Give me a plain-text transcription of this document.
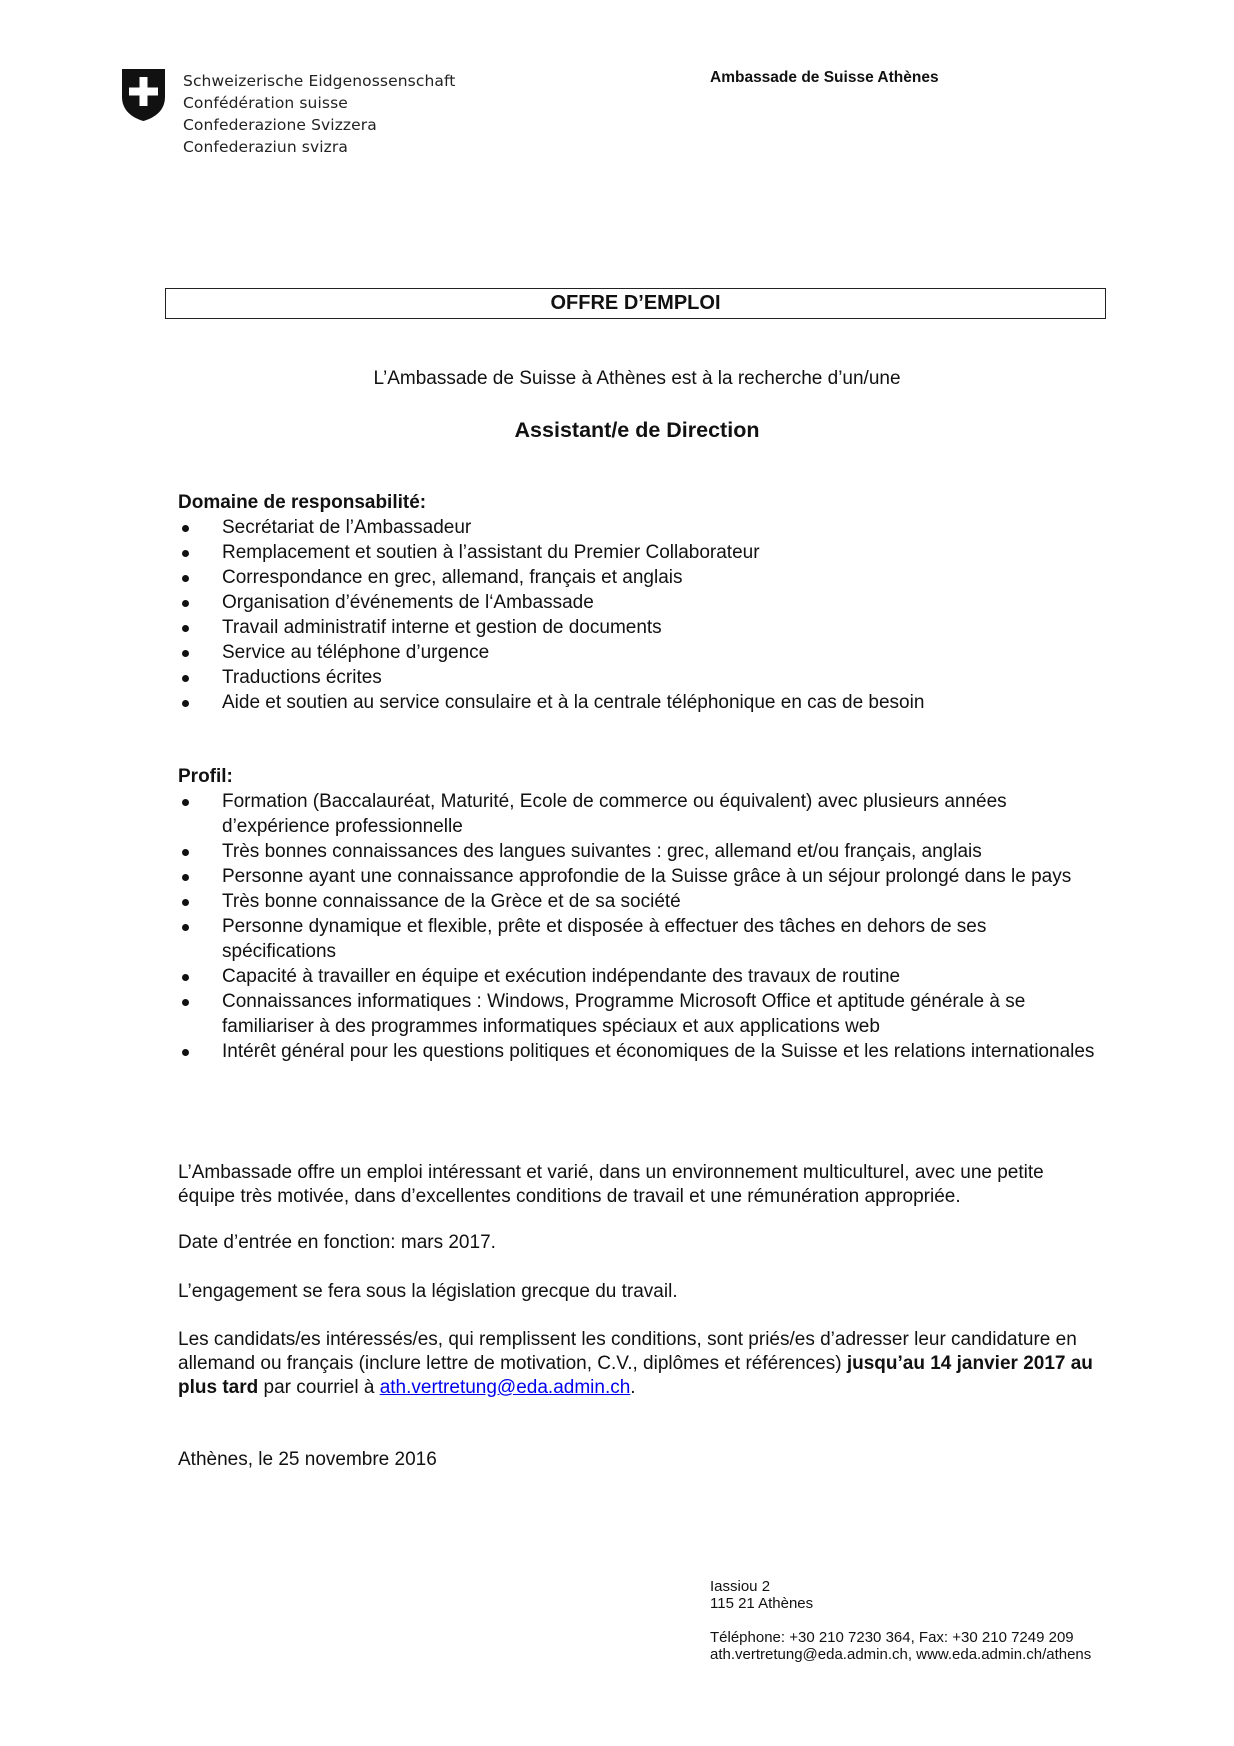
Schweizerische Eidgenossenschaft
Confédération suisse
Confederazione Svizzera
Confederaziun svizra
Ambassade de Suisse Athènes
OFFRE D’EMPLOI
L’Ambassade de Suisse à Athènes est à la recherche d’un/une
Assistant/e de Direction
Domaine de responsabilité:
Secrétariat de l’Ambassadeur
Remplacement et soutien à l’assistant du Premier Collaborateur
Correspondance en grec, allemand, français et anglais
Organisation d’événements de l‘Ambassade
Travail administratif interne et gestion de documents
Service au téléphone d’urgence
Traductions écrites
Aide et soutien au service consulaire et à la centrale téléphonique en cas de besoin
Profil:
Formation (Baccalauréat, Maturité, Ecole de commerce ou équivalent) avec plusieurs années d’expérience professionnelle
Très bonnes connaissances des langues suivantes : grec, allemand et/ou français, anglais
Personne ayant une connaissance approfondie de la Suisse grâce à un séjour prolongé dans le pays
Très bonne connaissance de la Grèce et de sa société
Personne dynamique et flexible, prête et disposée à effectuer des tâches en dehors de ses spécifications
Capacité à travailler en équipe et exécution indépendante des travaux de routine
Connaissances informatiques : Windows, Programme Microsoft Office et aptitude générale à se familiariser à des programmes informatiques spéciaux et aux applications web
Intérêt général pour les questions politiques et économiques de la Suisse et les relations internationales
L’Ambassade offre un emploi intéressant et varié, dans un environnement multiculturel, avec une petite équipe très motivée, dans d’excellentes conditions de travail et une rémunération appropriée.
Date d’entrée en fonction: mars 2017.
L’engagement se fera sous la législation grecque du travail.
Les candidats/es intéressés/es, qui remplissent les conditions, sont priés/es d’adresser leur candidature en allemand ou français (inclure lettre de motivation, C.V., diplômes et références) jusqu’au 14 janvier 2017 au plus tard par courriel à ath.vertretung@eda.admin.ch.
Athènes, le 25 novembre 2016
Iassiou 2
115 21 Athènes
Téléphone: +30 210 7230 364, Fax: +30 210 7249 209
ath.vertretung@eda.admin.ch, www.eda.admin.ch/athens
